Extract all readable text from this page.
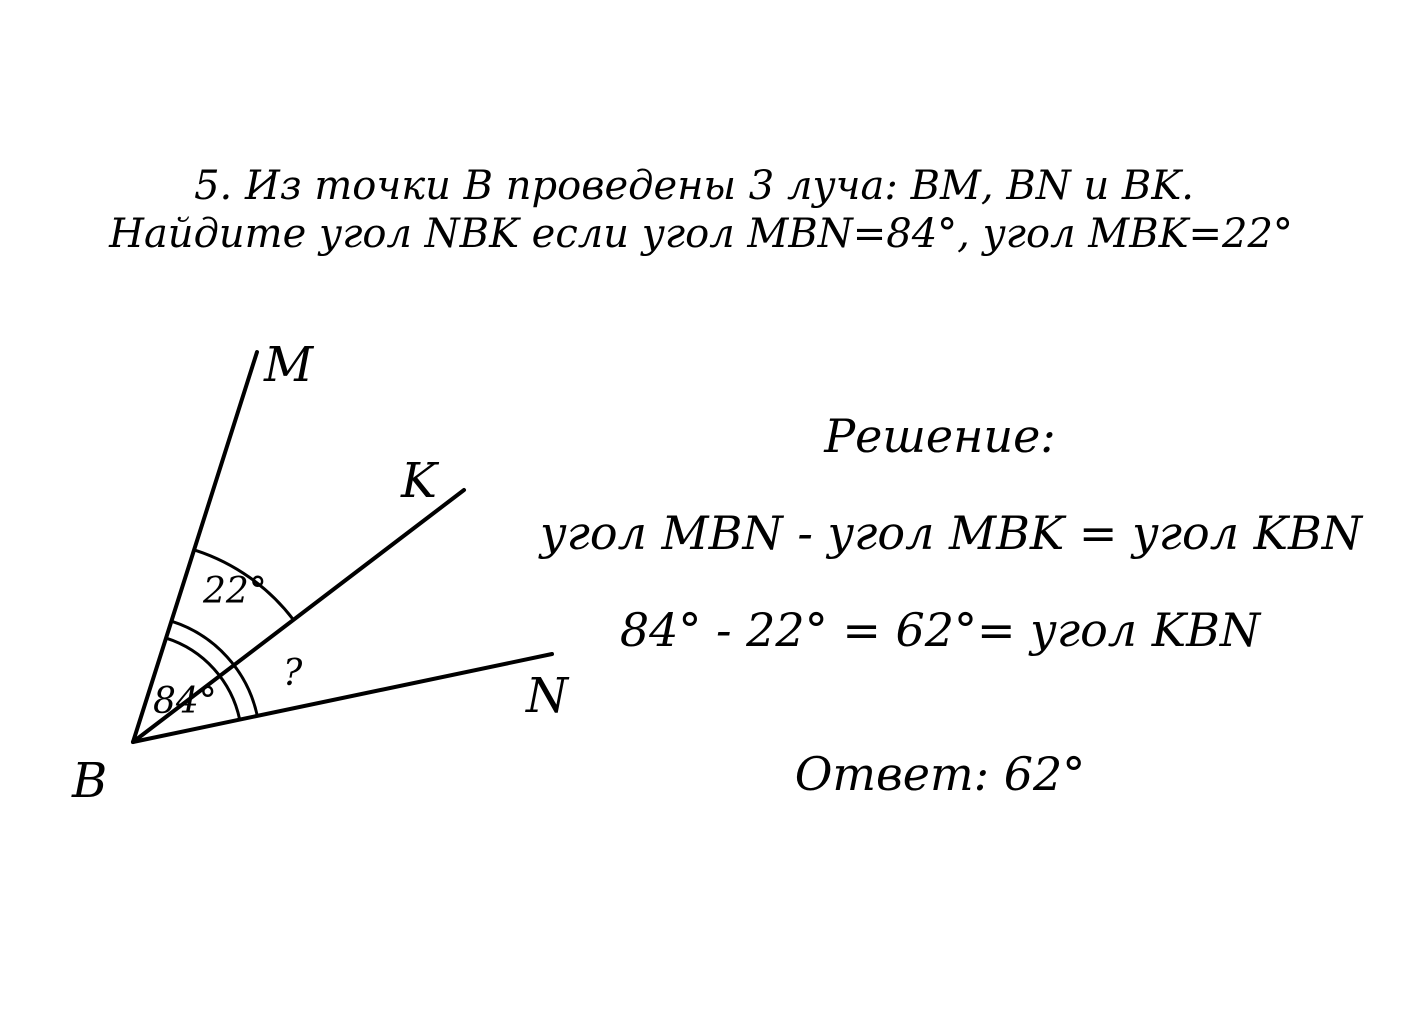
5. Из точки B проведены 3 луча: BM, BN и BK.
Найдите угол NBK если угол MBN=84°, угол MBK=22°
M
K
N
B
22°
84°
?
Решение:
угол MBN - угол MBK = угол KBN
84° - 22° = 62°= угол KBN
Ответ: 62°
